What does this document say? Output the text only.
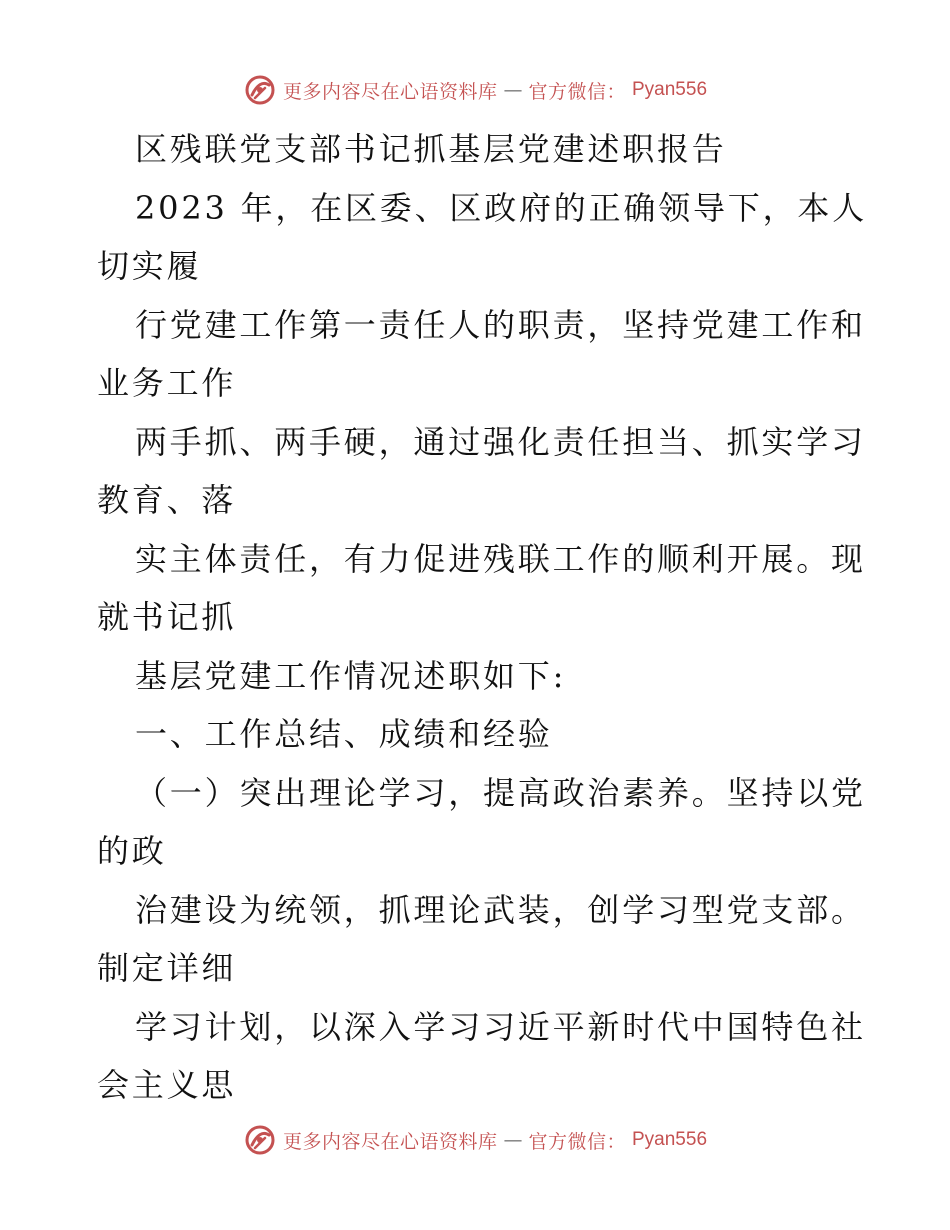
更多内容尽在心语资料库 — 官方微信： Pyan556
区残联党支部书记抓基层党建述职报告
2023 年，在区委、区政府的正确领导下，本人
切实履
行党建工作第一责任人的职责，坚持党建工作和
业务工作
两手抓、两手硬，通过强化责任担当、抓实学习
教育、落
实主体责任，有力促进残联工作的顺利开展。现
就书记抓
基层党建工作情况述职如下:
一、工作总结、成绩和经验
（一）突出理论学习，提高政治素养。坚持以党
的政
治建设为统领，抓理论武装，创学习型党支部。
制定详细
学习计划，以深入学习习近平新时代中国特色社
会主义思
更多内容尽在心语资料库 — 官方微信： Pyan556
